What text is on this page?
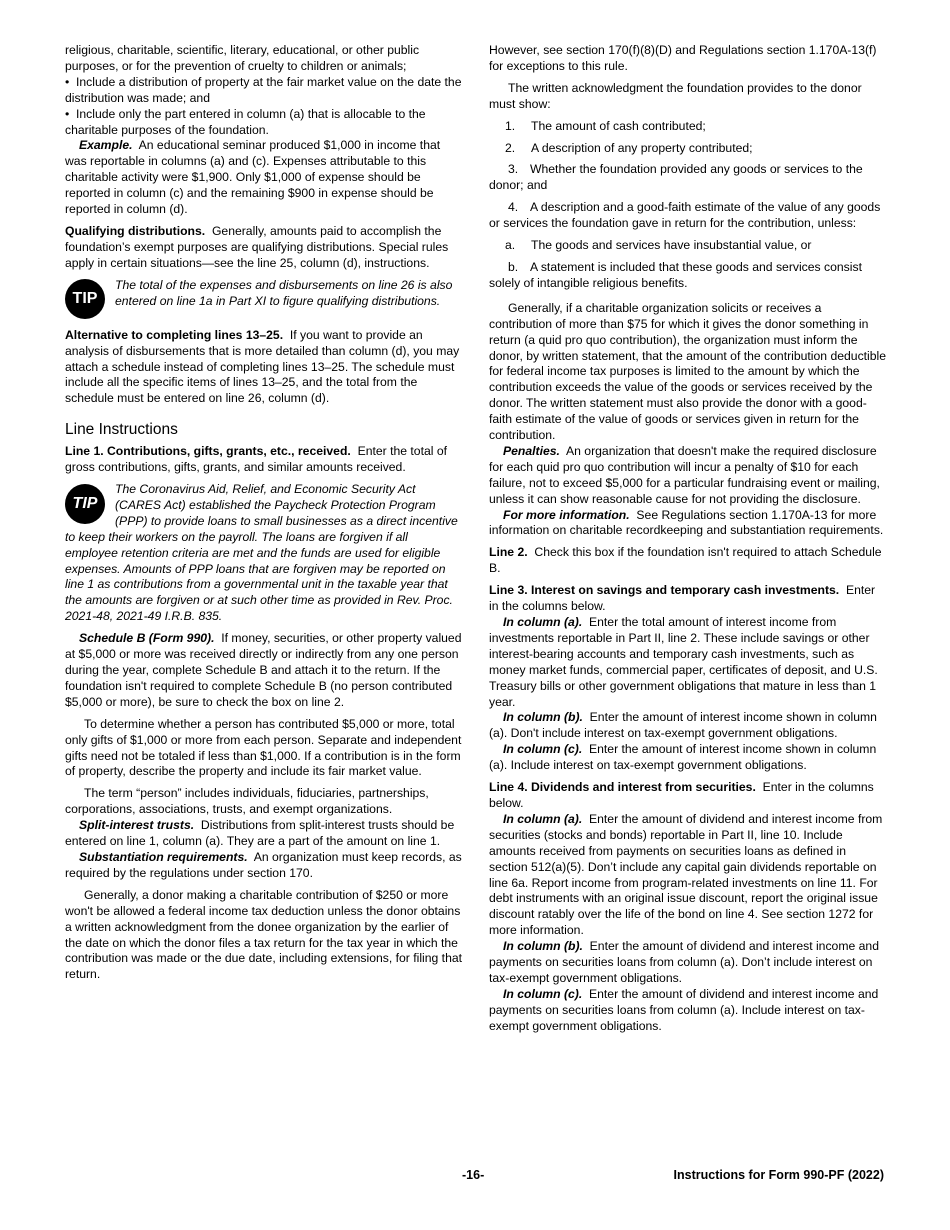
religious, charitable, scientific, literary, educational, or other public purposes, or for the prevention of cruelty to children or animals;

• Include a distribution of property at the fair market value on the date the distribution was made; and

• Include only the part entered in column (a) that is allocable to the charitable purposes of the foundation.

Example. An educational seminar produced $1,000 in income that was reportable in columns (a) and (c). Expenses attributable to this charitable activity were $1,900. Only $1,000 of expense should be reported in column (c) and the remaining $900 in expense should be reported in column (d).

Qualifying distributions. Generally, amounts paid to accomplish the foundation’s exempt purposes are qualifying distributions. Special rules apply in certain situations—see the line 25, column (d), instructions.

TIP
The total of the expenses and disbursements on line 26 is also entered on line 1a in Part XI to figure qualifying distributions.

Alternative to completing lines 13–25. If you want to provide an analysis of disbursements that is more detailed than column (d), you may attach a schedule instead of completing lines 13–25. The schedule must include all the specific items of lines 13–25, and the total from the schedule must be entered on line 26, column (d).

Line Instructions

Line 1. Contributions, gifts, grants, etc., received. Enter the total of gross contributions, gifts, grants, and similar amounts received.

TIP
The Coronavirus Aid, Relief, and Economic Security Act (CARES Act) established the Paycheck Protection Program (PPP) to provide loans to small businesses as a direct incentive to keep their workers on the payroll. The loans are forgiven if all employee retention criteria are met and the funds are used for eligible expenses. Amounts of PPP loans that are forgiven may be reported on line 1 as contributions from a governmental unit in the taxable year that the amounts are forgiven or at such other time as provided in Rev. Proc. 2021-48, 2021-49 I.R.B. 835.

Schedule B (Form 990). If money, securities, or other property valued at $5,000 or more was received directly or indirectly from any one person during the year, complete Schedule B and attach it to the return. If the foundation isn't required to complete Schedule B (no person contributed $5,000 or more), be sure to check the box on line 2.

To determine whether a person has contributed $5,000 or more, total only gifts of $1,000 or more from each person. Separate and independent gifts need not be totaled if less than $1,000. If a contribution is in the form of property, describe the property and include its fair market value.

The term “person” includes individuals, fiduciaries, partnerships, corporations, associations, trusts, and exempt organizations.

Split-interest trusts. Distributions from split-interest trusts should be entered on line 1, column (a). They are a part of the amount on line 1.

Substantiation requirements. An organization must keep records, as required by the regulations under section 170.

Generally, a donor making a charitable contribution of $250 or more won't be allowed a federal income tax deduction unless the donor obtains a written acknowledgment from the donee organization by the earlier of the date on which the donor files a tax return for the tax year in which the contribution was made or the due date, including extensions, for filing that return.

However, see section 170(f)(8)(D) and Regulations section 1.170A-13(f) for exceptions to this rule.

The written acknowledgment the foundation provides to the donor must show:

1. The amount of cash contributed;

2. A description of any property contributed;

3. Whether the foundation provided any goods or services to the donor; and

4. A description and a good-faith estimate of the value of any goods or services the foundation gave in return for the contribution, unless:

a. The goods and services have insubstantial value, or

b. A statement is included that these goods and services consist solely of intangible religious benefits.

Generally, if a charitable organization solicits or receives a contribution of more than $75 for which it gives the donor something in return (a quid pro quo contribution), the organization must inform the donor, by written statement, that the amount of the contribution deductible for federal income tax purposes is limited to the amount by which the contribution exceeds the value of the goods or services received by the donor. The written statement must also provide the donor with a good-faith estimate of the value of goods or services given in return for the contribution.

Penalties. An organization that doesn't make the required disclosure for each quid pro quo contribution will incur a penalty of $10 for each failure, not to exceed $5,000 for a particular fundraising event or mailing, unless it can show reasonable cause for not providing the disclosure.

For more information. See Regulations section 1.170A-13 for more information on charitable recordkeeping and substantiation requirements.

Line 2. Check this box if the foundation isn't required to attach Schedule B.

Line 3. Interest on savings and temporary cash investments. Enter in the columns below.

In column (a). Enter the total amount of interest income from investments reportable in Part II, line 2. These include savings or other interest-bearing accounts and temporary cash investments, such as money market funds, commercial paper, certificates of deposit, and U.S. Treasury bills or other government obligations that mature in less than 1 year.

In column (b). Enter the amount of interest income shown in column (a). Don't include interest on tax-exempt government obligations.

In column (c). Enter the amount of interest income shown in column (a). Include interest on tax-exempt government obligations.

Line 4. Dividends and interest from securities. Enter in the columns below.

In column (a). Enter the amount of dividend and interest income from securities (stocks and bonds) reportable in Part II, line 10. Include amounts received from payments on securities loans as defined in section 512(a)(5). Don’t include any capital gain dividends reportable on line 6a. Report income from program-related investments on line 11. For debt instruments with an original issue discount, report the original issue discount ratably over the life of the bond on line 4. See section 1272 for more information.

In column (b). Enter the amount of dividend and interest income and payments on securities loans from column (a). Don’t include interest on tax-exempt government obligations.

In column (c). Enter the amount of dividend and interest income and payments on securities loans from column (a). Include interest on tax-exempt government obligations.

-16-	Instructions for Form 990-PF (2022)
